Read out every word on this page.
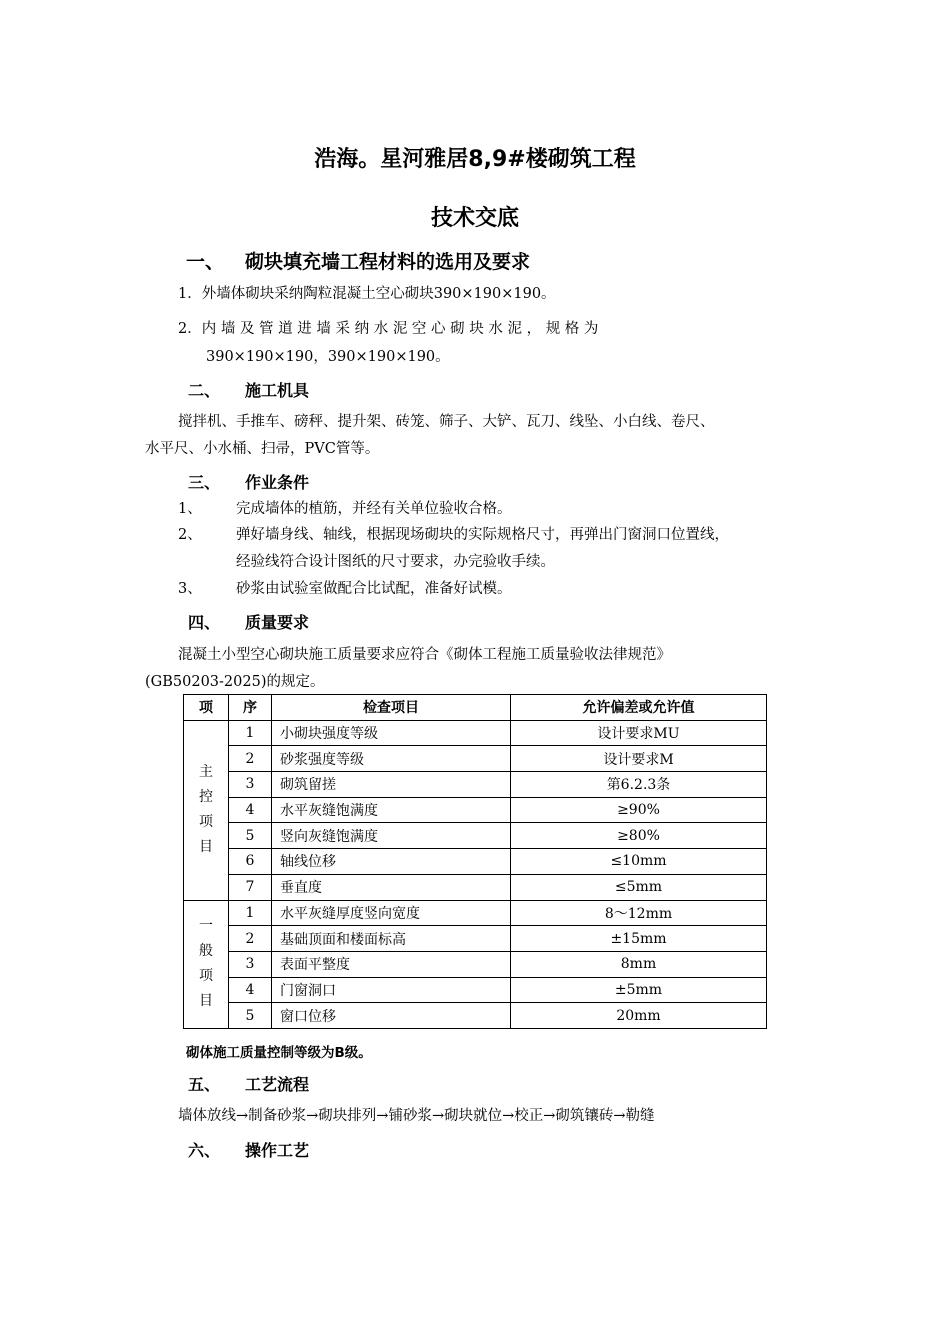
浩海。星河雅居8,9#楼砌筑工程
技术交底
一、 砌块填充墙工程材料的选用及要求
1．外墙体砌块采纳陶粒混凝土空心砌块390×190×190。
2．内 墙 及 管 道 进 墙 采 纳 水 泥 空 心 砌 块 水 泥 ， 规 格 为
390×190×190，390×190×190。
二、 施工机具
搅拌机、手推车、磅秤、提升架、砖笼、筛子、大铲、瓦刀、线坠、小白线、卷尺、
水平尺、小水桶、扫帚，PVC管等。
三、 作业条件
1、 完成墙体的植筋，并经有关单位验收合格。
2、 弹好墙身线、轴线，根据现场砌块的实际规格尺寸，再弹出门窗洞口位置线，
经验线符合设计图纸的尺寸要求，办完验收手续。
3、 砂浆由试验室做配合比试配，准备好试模。
四、 质量要求
混凝土小型空心砌块施工质量要求应符合《砌体工程施工质量验收法律规范》
(GB50203-2025)的规定。
项	序	检查项目	允许偏差或允许值
主
控
项
目	1	小砌块强度等级	设计要求MU
	2	砂浆强度等级	设计要求M
	3	砌筑留搓	第6.2.3条
	4	水平灰缝饱满度	≥90%
	5	竖向灰缝饱满度	≥80%
	6	轴线位移	≤10mm
	7	垂直度	≤5mm
一
般
项
目	1	水平灰缝厚度竖向宽度	8～12mm
	2	基础顶面和楼面标高	±15mm
	3	表面平整度	8mm
	4	门窗洞口	±5mm
	5	窗口位移	20mm
砌体施工质量控制等级为B级。
五、 工艺流程
墙体放线→制备砂浆→砌块排列→铺砂浆→砌块就位→校正→砌筑镶砖→勒缝
六、 操作工艺
